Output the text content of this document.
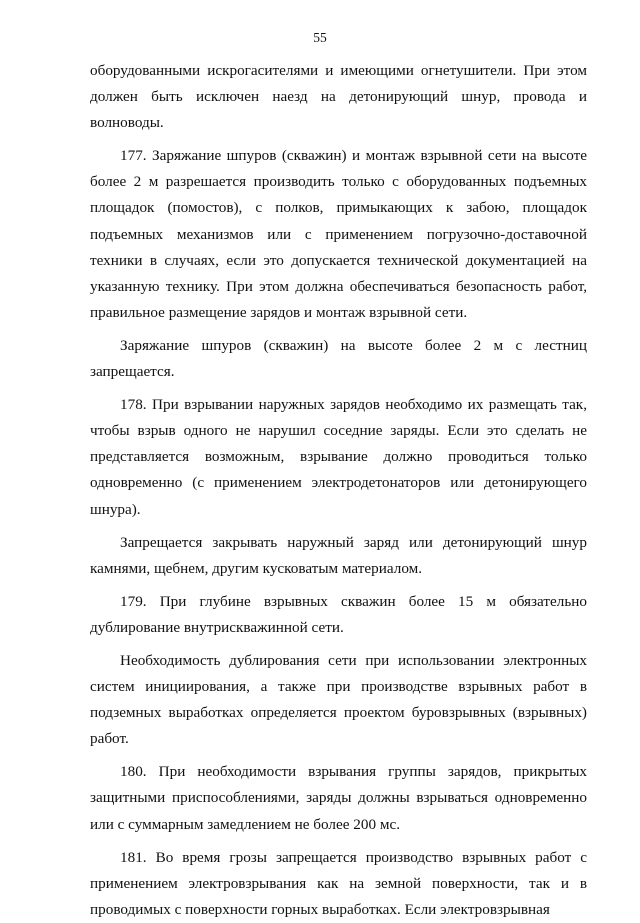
55

оборудованными искрогасителями и имеющими огнетушители. При этом должен быть исключен наезд на детонирующий шнур, провода и волноводы.

177. Заряжание шпуров (скважин) и монтаж взрывной сети на высоте более 2 м разрешается производить только с оборудованных подъемных площадок (помостов), с полков, примыкающих к забою, площадок подъемных механизмов или с применением погрузочно-доставочной техники в случаях, если это допускается технической документацией на указанную технику. При этом должна обеспечиваться безопасность работ, правильное размещение зарядов и монтаж взрывной сети.

Заряжание шпуров (скважин) на высоте более 2 м с лестниц запрещается.

178. При взрывании наружных зарядов необходимо их размещать так, чтобы взрыв одного не нарушил соседние заряды. Если это сделать не представляется возможным, взрывание должно проводиться только одновременно (с применением электродетонаторов или детонирующего шнура).

Запрещается закрывать наружный заряд или детонирующий шнур камнями, щебнем, другим кусковатым материалом.

179. При глубине взрывных скважин более 15 м обязательно дублирование внутрискважинной сети.

Необходимость дублирования сети при использовании электронных систем инициирования, а также при производстве взрывных работ в подземных выработках определяется проектом буровзрывных (взрывных) работ.

180. При необходимости взрывания группы зарядов, прикрытых защитными приспособлениями, заряды должны взрываться одновременно или с суммарным замедлением не более 200 мс.

181. Во время грозы запрещается производство взрывных работ с применением электровзрывания как на земной поверхности, так и в проводимых с поверхности горных выработках. Если электровзрывная
